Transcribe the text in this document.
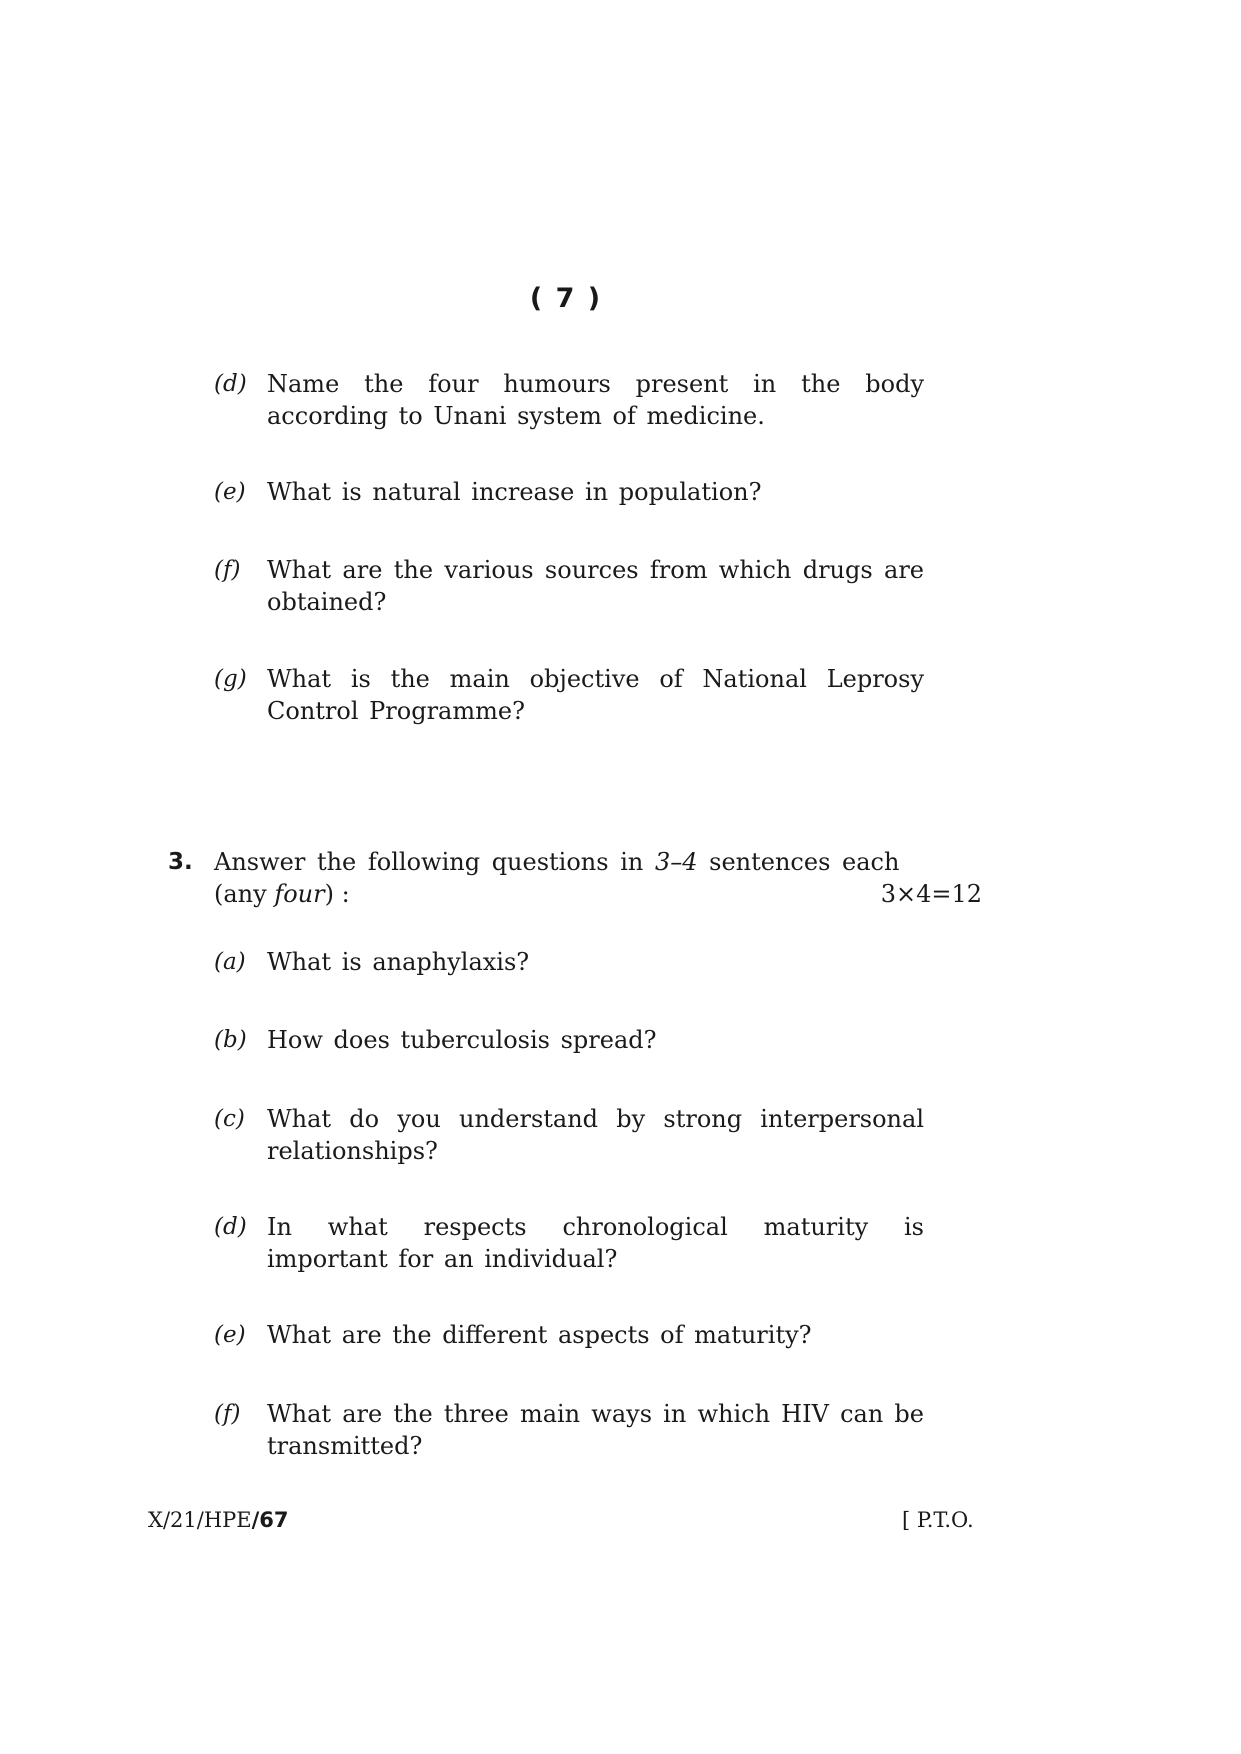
( 7 )
(d) Name the four humours present in the body according to Unani system of medicine.
(e) What is natural increase in population?
(f) What are the various sources from which drugs are obtained?
(g) What is the main objective of National Leprosy Control Programme?
3. Answer the following questions in 3–4 sentences each
(any four) :	3×4=12
(a) What is anaphylaxis?
(b) How does tuberculosis spread?
(c) What do you understand by strong interpersonal relationships?
(d) In what respects chronological maturity is important for an individual?
(e) What are the different aspects of maturity?
(f) What are the three main ways in which HIV can be transmitted?
X/21/HPE/67	[ P.T.O.
